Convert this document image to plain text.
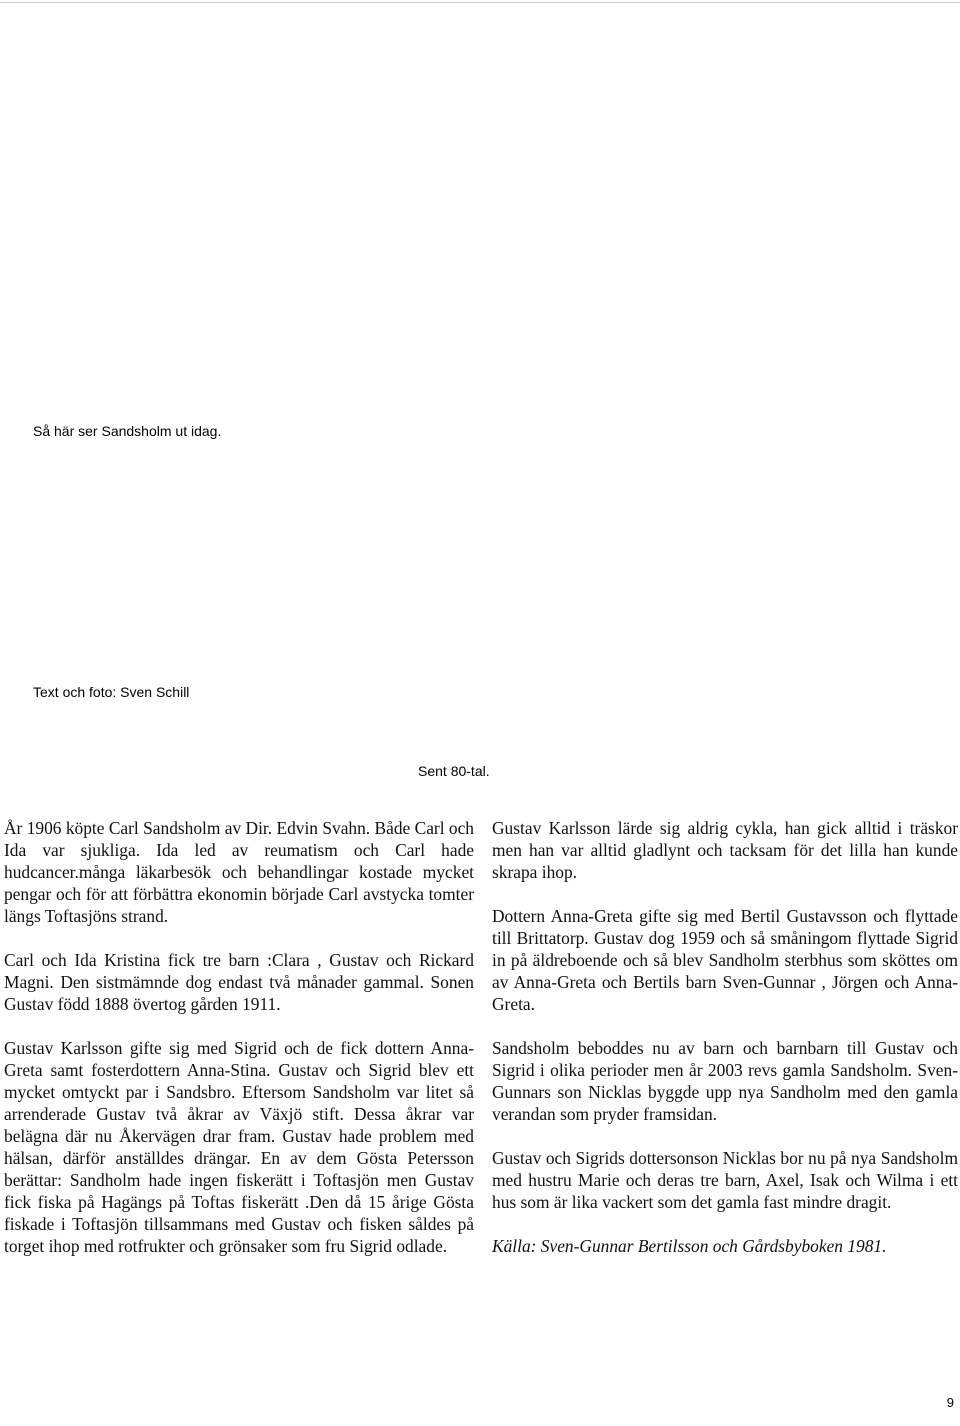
Så här ser Sandsholm ut idag.
Text och foto: Sven Schill
Sent 80-tal.

År 1906 köpte Carl Sandsholm av Dir. Edvin Svahn. Både Carl och Ida var sjukliga. Ida led av reumatism och Carl hade hudcancer.många läkarbesök och behandlingar kostade mycket pengar och för att förbättra ekonomin började Carl avstycka tomter längs Toftasjöns strand.

Carl och Ida Kristina fick tre barn :Clara , Gustav och Rickard Magni. Den sistmämnde dog endast två månader gammal. Sonen Gustav född 1888 övertog gården 1911.

Gustav Karlsson gifte sig med Sigrid och de fick dottern Anna-Greta samt fosterdottern Anna-Stina. Gustav och Sigrid blev ett mycket omtyckt par i Sandsbro. Eftersom Sandsholm var litet så arrenderade Gustav två åkrar av Växjö stift. Dessa åkrar var belägna där nu Åkervägen drar fram. Gustav hade problem med hälsan, därför anställdes drängar. En av dem Gösta Petersson berättar: Sandholm hade ingen fiskerätt i Toftasjön men Gustav fick fiska på Hagängs på Toftas fiskerätt .Den då 15 årige Gösta fiskade i Toftasjön tillsammans med Gustav och fisken såldes på torget ihop med rotfrukter och grönsaker som fru Sigrid odlade.

Gustav Karlsson lärde sig aldrig cykla, han gick alltid i träskor men han var alltid gladlynt och tacksam för det lilla han kunde skrapa ihop.

Dottern Anna-Greta gifte sig med Bertil Gustavsson och flyttade till Brittatorp. Gustav dog 1959 och så småningom flyttade Sigrid in på äldreboende och så blev Sandholm sterbhus som sköttes om av Anna-Greta och Bertils barn Sven-Gunnar , Jörgen och Anna-Greta.

Sandsholm beboddes nu av barn och barnbarn till Gustav och Sigrid i olika perioder men år 2003 revs gamla Sandsholm. Sven-Gunnars son Nicklas byggde upp nya Sandholm med den gamla verandan som pryder framsidan.

Gustav och Sigrids dottersonson Nicklas bor nu på nya Sandsholm med hustru Marie och deras tre barn, Axel, Isak och Wilma i ett hus som är lika vackert som det gamla fast mindre dragit.

Källa: Sven-Gunnar Bertilsson och Gårdsbyboken 1981.

9
